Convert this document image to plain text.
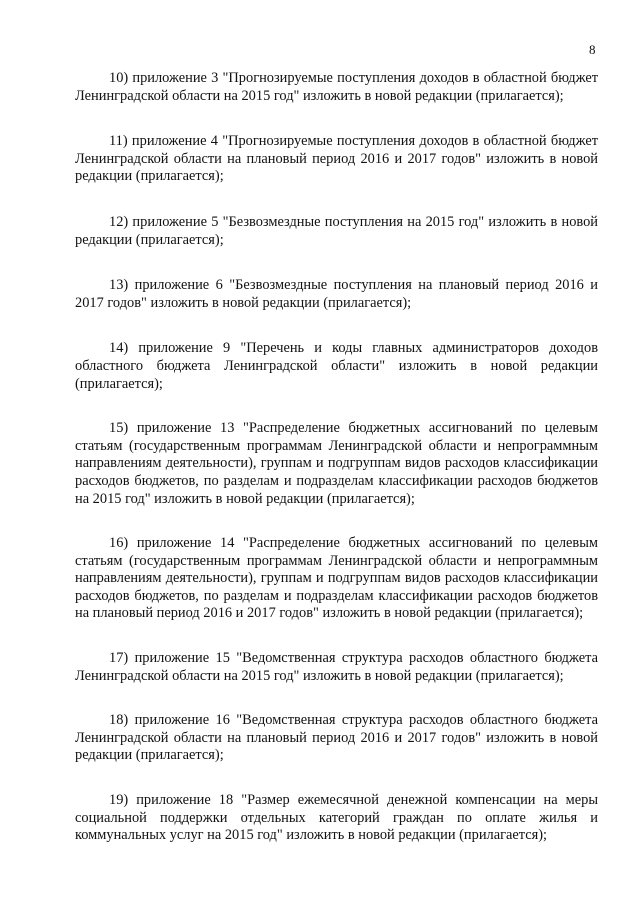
8

10) приложение 3 "Прогнозируемые поступления доходов в областной бюджет Ленинградской области на 2015 год" изложить в новой редакции (прилагается);

11) приложение 4 "Прогнозируемые поступления доходов в областной бюджет Ленинградской области на плановый период 2016 и 2017 годов" изложить в новой редакции (прилагается);

12) приложение 5 "Безвозмездные поступления на 2015 год" изложить в новой редакции (прилагается);

13) приложение 6 "Безвозмездные поступления на плановый период 2016 и 2017 годов" изложить в новой редакции (прилагается);

14) приложение 9 "Перечень и коды главных администраторов доходов областного бюджета Ленинградской области" изложить в новой редакции (прилагается);

15) приложение 13 "Распределение бюджетных ассигнований по целевым статьям (государственным программам Ленинградской области и непрограммным направлениям деятельности), группам и подгруппам видов расходов классификации расходов бюджетов, по разделам и подразделам классификации расходов бюджетов на 2015 год" изложить в новой редакции (прилагается);

16) приложение 14 "Распределение бюджетных ассигнований по целевым статьям (государственным программам Ленинградской области и непрограммным направлениям деятельности), группам и подгруппам видов расходов классификации расходов бюджетов, по разделам и подразделам классификации расходов бюджетов на плановый период 2016 и 2017 годов" изложить в новой редакции (прилагается);

17) приложение 15 "Ведомственная структура расходов областного бюджета Ленинградской области на 2015 год" изложить в новой редакции (прилагается);

18) приложение 16 "Ведомственная структура расходов областного бюджета Ленинградской области на плановый период 2016 и 2017 годов" изложить в новой редакции (прилагается);

19) приложение 18 "Размер ежемесячной денежной компенсации на меры социальной поддержки отдельных категорий граждан по оплате жилья и коммунальных услуг на 2015 год" изложить в новой редакции (прилагается);
